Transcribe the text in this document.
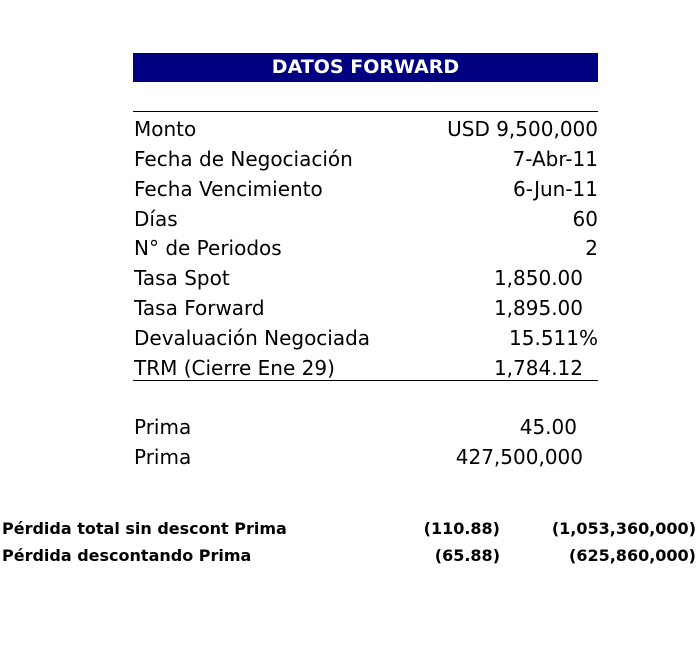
DATOS FORWARD
Monto	USD 9,500,000
Fecha de Negociación	7-Abr-11
Fecha Vencimiento	6-Jun-11
Días	60
N° de Periodos	2
Tasa Spot	1,850.00
Tasa Forward	1,895.00
Devaluación Negociada	15.511%
TRM (Cierre Ene 29)	1,784.12
Prima	45.00
Prima	427,500,000
Pérdida total sin descont Prima	(110.88)	(1,053,360,000)
Pérdida descontando Prima	(65.88)	(625,860,000)
